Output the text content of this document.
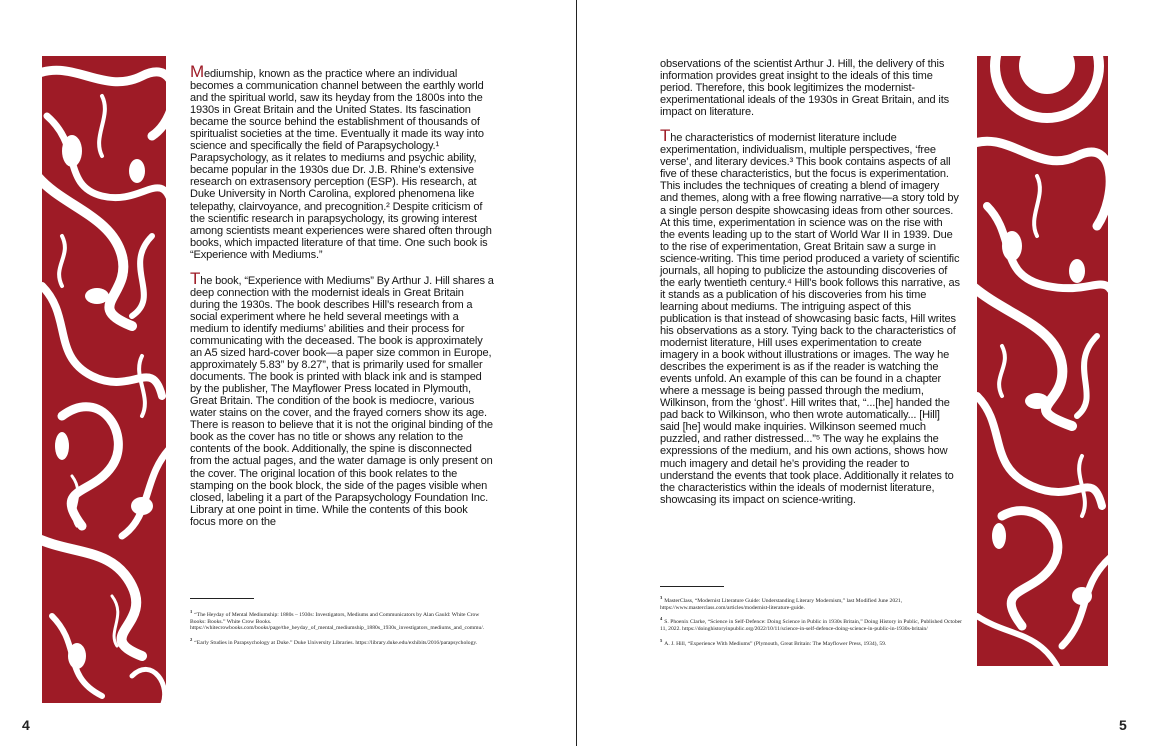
Mediumship, known as the practice where an individual becomes a communication channel between the earthly world and the spiritual world, saw its heyday from the 1800s into the 1930s in Great Britain and the United States. Its fascination became the source behind the establishment of thousands of spiritualist societies at the time. Eventually it made its way into science and specifically the field of Parapsychology.¹ Parapsychology, as it relates to mediums and psychic ability, became popular in the 1930s due Dr. J.B. Rhine’s extensive research on extrasensory perception (ESP). His research, at Duke University in North Carolina, explored phenomena like telepathy, clairvoyance, and precognition.² Despite criticism of the scientific research in parapsychology, its growing interest among scientists meant experiences were shared often through books, which impacted literature of that time. One such book is “Experience with Mediums.”

The book, “Experience with Mediums” By Arthur J. Hill shares a deep connection with the modernist ideals in Great Britain during the 1930s. The book describes Hill’s research from a social experiment where he held several meetings with a medium to identify mediums’ abilities and their process for communicating with the deceased. The book is approximately an A5 sized hard-cover book—a paper size common in Europe, approximately 5.83” by 8.27”, that is primarily used for smaller documents. The book is printed with black ink and is stamped by the publisher, The Mayflower Press located in Plymouth, Great Britain. The condition of the book is mediocre, various water stains on the cover, and the frayed corners show its age. There is reason to believe that it is not the original binding of the book as the cover has no title or shows any relation to the contents of the book. Additionally, the spine is disconnected from the actual pages, and the water damage is only present on the cover. The original location of this book relates to the stamping on the book block, the side of the pages visible when closed, labeling it a part of the Parapsychology Foundation Inc. Library at one point in time. While the contents of this book focus more on the

$^1$“The Heyday of Mental Mediumship: 1880s – 1930s: Investigators, Mediums and Communicators by Alan Gauld: White Crow Books: Books.” White Crow Books. https://whitecrowbooks.com/books/page/the_heyday_of_mental_mediumship_1880s_1930s_investigators_mediums_and_commu/.

$^2$“Early Studies in Parapsychology at Duke.” Duke University Libraries. https://library.duke.edu/exhibits/2016/parapsychology.

4

observations of the scientist Arthur J. Hill, the delivery of this information provides great insight to the ideals of this time period. Therefore, this book legitimizes the modernist-experimentational ideals of the 1930s in Great Britain, and its impact on literature.

The characteristics of modernist literature include experimentation, individualism, multiple perspectives, ‘free verse’, and literary devices.³ This book contains aspects of all five of these characteristics, but the focus is experimentation. This includes the techniques of creating a blend of imagery and themes, along with a free flowing narrative—a story told by a single person despite showcasing ideas from other sources. At this time, experimentation in science was on the rise with the events leading up to the start of World War II in 1939. Due to the rise of experimentation, Great Britain saw a surge in science-writing. This time period produced a variety of scientific journals, all hoping to publicize the astounding discoveries of the early twentieth century.⁴ Hill’s book follows this narrative, as it stands as a publication of his discoveries from his time learning about mediums. The intriguing aspect of this publication is that instead of showcasing basic facts, Hill writes his observations as a story. Tying back to the characteristics of modernist literature, Hill uses experimentation to create imagery in a book without illustrations or images. The way he describes the experiment is as if the reader is watching the events unfold. An example of this can be found in a chapter where a message is being passed through the medium, Wilkinson, from the ‘ghost’. Hill writes that, “...[he] handed the pad back to Wilkinson, who then wrote automatically... [Hill] said [he] would make inquiries. Wilkinson seemed much puzzled, and rather distressed...”⁵ The way he explains the expressions of the medium, and his own actions, shows how much imagery and detail he’s providing the reader to understand the events that took place. Additionally it relates to the characteristics within the ideals of modernist literature, showcasing its impact on science-writing.

$^3$MasterClass, “Modernist Literature Guide: Understanding Literary Modernism,” last Modified June 2021, https://www.masterclass.com/articles/modernist-literature-guide.

$^4$S. Phoenix Clarke, “Science in Self-Defence: Doing Science in Public in 1930s Britain,” Doing History in Public, Published October 11, 2022. https://doinghistoryinpublic.org/2022/10/11/science-in-self-defence-doing-science-in-public-in-1930s-britain/

$^5$A. J. Hill, “Experience With Mediums” (Plymouth, Great Britain: The Mayflower Press, 1934), 59.

5
